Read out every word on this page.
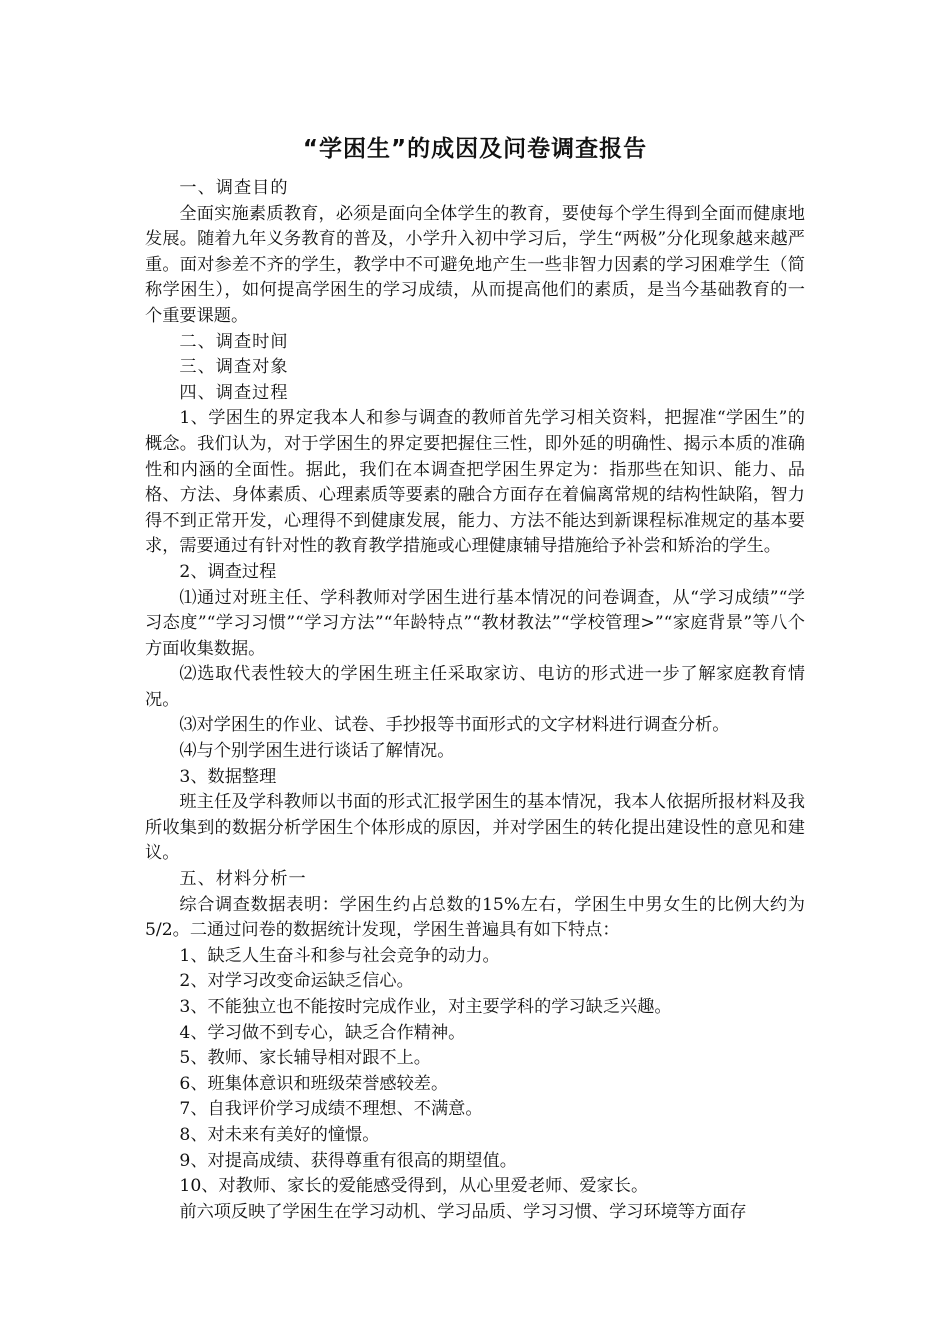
“学困生”的成因及问卷调查报告

一、调查目的

全面实施素质教育，必须是面向全体学生的教育，要使每个学生得到全面而健康地发展。随着九年义务教育的普及，小学升入初中学习后，学生“两极”分化现象越来越严重。面对参差不齐的学生，教学中不可避免地产生一些非智力因素的学习困难学生（简称学困生），如何提高学困生的学习成绩，从而提高他们的素质，是当今基础教育的一个重要课题。

二、调查时间

三、调查对象

四、调查过程

1、学困生的界定我本人和参与调查的教师首先学习相关资料，把握准“学困生”的概念。我们认为，对于学困生的界定要把握住三性，即外延的明确性、揭示本质的准确性和内涵的全面性。据此，我们在本调查把学困生界定为：指那些在知识、能力、品格、方法、身体素质、心理素质等要素的融合方面存在着偏离常规的结构性缺陷，智力得不到正常开发，心理得不到健康发展，能力、方法不能达到新课程标准规定的基本要求，需要通过有针对性的教育教学措施或心理健康辅导措施给予补尝和矫治的学生。

2、调查过程

⑴通过对班主任、学科教师对学困生进行基本情况的问卷调查，从“学习成绩”“学习态度”“学习习惯”“学习方法”“年龄特点”“教材教法”“学校管理>”“家庭背景”等八个方面收集数据。

⑵选取代表性较大的学困生班主任采取家访、电访的形式进一步了解家庭教育情况。

⑶对学困生的作业、试卷、手抄报等书面形式的文字材料进行调查分析。

⑷与个别学困生进行谈话了解情况。

3、数据整理

班主任及学科教师以书面的形式汇报学困生的基本情况，我本人依据所报材料及我所收集到的数据分析学困生个体形成的原因，并对学困生的转化提出建设性的意见和建议。

五、材料分析一

综合调查数据表明：学困生约占总数的15%左右，学困生中男女生的比例大约为5/2。二通过问卷的数据统计发现，学困生普遍具有如下特点：

1、缺乏人生奋斗和参与社会竞争的动力。

2、对学习改变命运缺乏信心。

3、不能独立也不能按时完成作业，对主要学科的学习缺乏兴趣。

4、学习做不到专心，缺乏合作精神。

5、教师、家长辅导相对跟不上。

6、班集体意识和班级荣誉感较差。

7、自我评价学习成绩不理想、不满意。

8、对未来有美好的憧憬。

9、对提高成绩、获得尊重有很高的期望值。

10、对教师、家长的爱能感受得到，从心里爱老师、爱家长。

前六项反映了学困生在学习动机、学习品质、学习习惯、学习环境等方面存
